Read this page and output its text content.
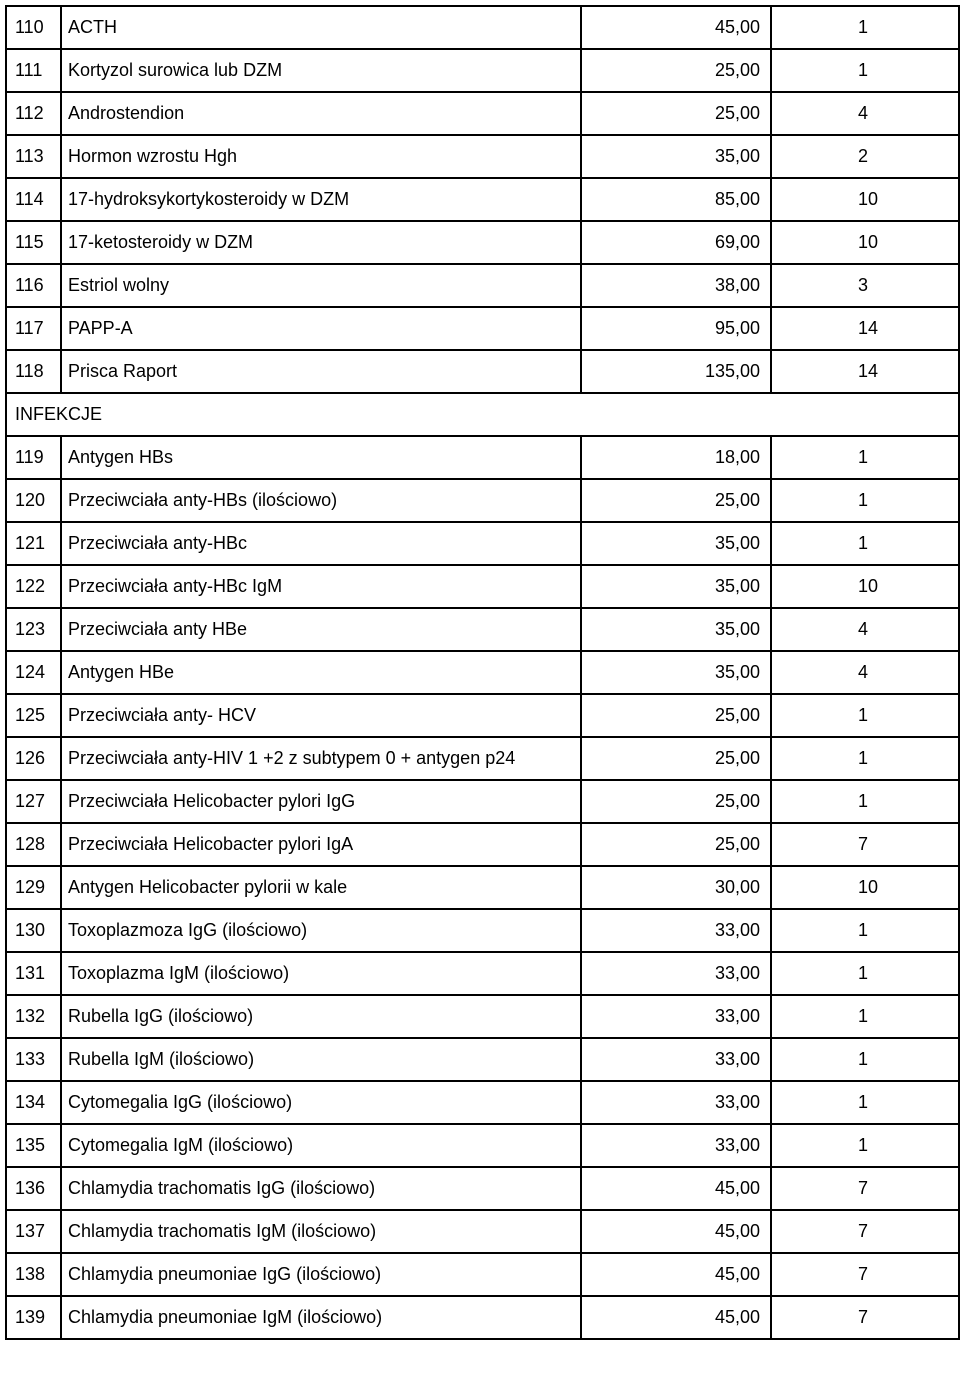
110	ACTH	45,00	1
111	Kortyzol surowica lub DZM	25,00	1
112	Androstendion	25,00	4
113	Hormon wzrostu Hgh	35,00	2
114	17-hydroksykortykosteroidy w DZM	85,00	10
115	17-ketosteroidy w DZM	69,00	10
116	Estriol wolny	38,00	3
117	PAPP-A	95,00	14
118	Prisca Raport	135,00	14
INFEKCJE			
119	Antygen HBs	18,00	1
120	Przeciwciała anty-HBs (ilościowo)	25,00	1
121	Przeciwciała anty-HBc	35,00	1
122	Przeciwciała anty-HBc IgM	35,00	10
123	Przeciwciała anty HBe	35,00	4
124	Antygen HBe	35,00	4
125	Przeciwciała anty- HCV	25,00	1
126	Przeciwciała anty-HIV 1 +2 z subtypem 0 + antygen p24	25,00	1
127	Przeciwciała Helicobacter pylori IgG	25,00	1
128	Przeciwciała Helicobacter pylori IgA	25,00	7
129	Antygen Helicobacter pylorii w kale	30,00	10
130	Toxoplazmoza IgG (ilościowo)	33,00	1
131	Toxoplazma IgM (ilościowo)	33,00	1
132	Rubella IgG (ilościowo)	33,00	1
133	Rubella IgM (ilościowo)	33,00	1
134	Cytomegalia IgG (ilościowo)	33,00	1
135	Cytomegalia IgM (ilościowo)	33,00	1
136	Chlamydia trachomatis IgG (ilościowo)	45,00	7
137	Chlamydia trachomatis IgM (ilościowo)	45,00	7
138	Chlamydia pneumoniae IgG (ilościowo)	45,00	7
139	Chlamydia pneumoniae IgM (ilościowo)	45,00	7
